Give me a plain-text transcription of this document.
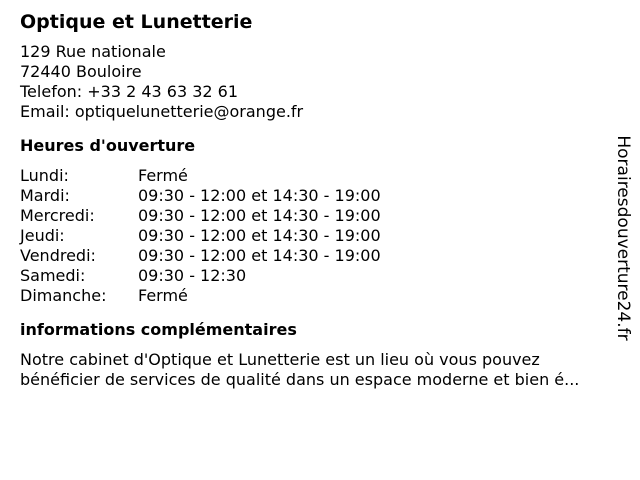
Optique et Lunetterie
129 Rue nationale
72440 Bouloire
Telefon: +33 2 43 63 32 61
Email: optiquelunetterie@orange.fr
Heures d'ouverture
Lundi:	Fermé
Mardi:	09:30 - 12:00 et 14:30 - 19:00
Mercredi:	09:30 - 12:00 et 14:30 - 19:00
Jeudi:	09:30 - 12:00 et 14:30 - 19:00
Vendredi:	09:30 - 12:00 et 14:30 - 19:00
Samedi:	09:30 - 12:30
Dimanche:	Fermé
informations complémentaires
Notre cabinet d'Optique et Lunetterie est un lieu où vous pouvez
bénéficier de services de qualité dans un espace moderne et bien é...
Horairesdouverture24.fr
